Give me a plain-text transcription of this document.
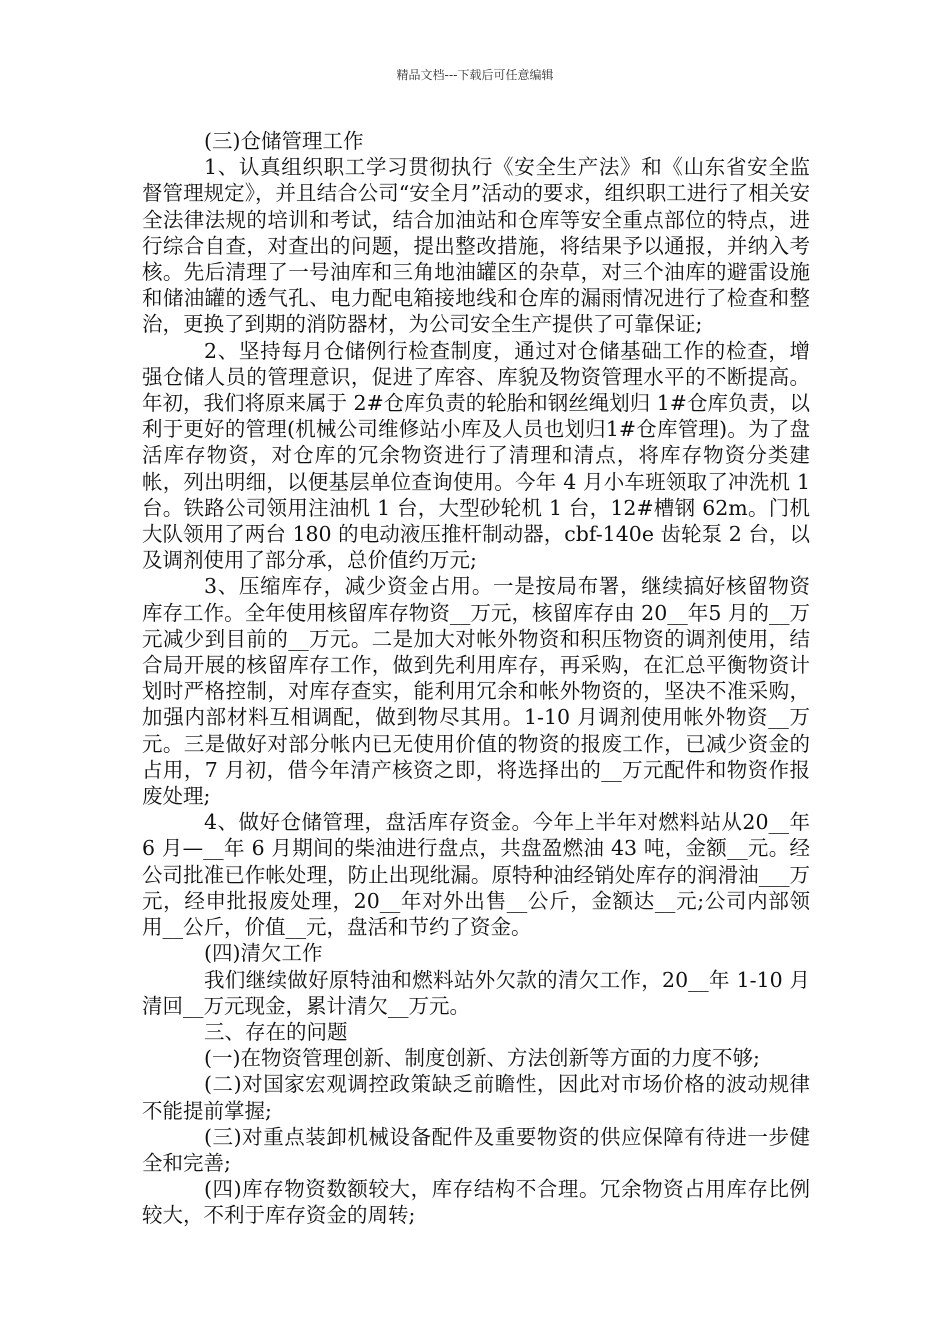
精品文档---下载后可任意编辑

(三)仓储管理工作

1、认真组织职工学习贯彻执行《安全生产法》和《山东省安全监督管理规定》，并且结合公司“安全月”活动的要求，组织职工进行了相关安全法律法规的培训和考试，结合加油站和仓库等安全重点部位的特点，进行综合自查，对查出的问题，提出整改措施，将结果予以通报，并纳入考核。先后清理了一号油库和三角地油罐区的杂草，对三个油库的避雷设施和储油罐的透气孔、电力配电箱接地线和仓库的漏雨情况进行了检查和整治，更换了到期的消防器材，为公司安全生产提供了可靠保证;

2、坚持每月仓储例行检查制度，通过对仓储基础工作的检查，增强仓储人员的管理意识，促进了库容、库貌及物资管理水平的不断提高。年初，我们将原来属于 2#仓库负责的轮胎和钢丝绳划归 1#仓库负责，以利于更好的管理(机械公司维修站小库及人员也划归1#仓库管理)。为了盘活库存物资，对仓库的冗余物资进行了清理和清点，将库存物资分类建帐，列出明细，以便基层单位查询使用。今年 4 月小车班领取了冲洗机 1 台。铁路公司领用注油机 1 台，大型砂轮机 1 台，12#槽钢 62m。门机大队领用了两台 180 的电动液压推杆制动器，cbf-140e 齿轮泵 2 台，以及调剂使用了部分承，总价值约万元;

3、压缩库存，减少资金占用。一是按局布署，继续搞好核留物资库存工作。全年使用核留库存物资__万元，核留库存由 20__年5 月的__万元减少到目前的__万元。二是加大对帐外物资和积压物资的调剂使用，结合局开展的核留库存工作，做到先利用库存，再采购，在汇总平衡物资计划时严格控制，对库存查实，能利用冗余和帐外物资的，坚决不准采购，加强内部材料互相调配，做到物尽其用。1-10 月调剂使用帐外物资__万元。三是做好对部分帐内已无使用价值的物资的报废工作，已减少资金的占用，7 月初，借今年清产核资之即，将选择出的__万元配件和物资作报废处理;

4、做好仓储管理，盘活库存资金。今年上半年对燃料站从20__年 6 月—__年 6 月期间的柴油进行盘点，共盘盈燃油 43 吨，金额__元。经公司批准已作帐处理，防止出现纰漏。原特种油经销处库存的润滑油___万元，经申批报废处理，20__年对外出售__公斤，金额达__元;公司内部领用__公斤，价值__元，盘活和节约了资金。

(四)清欠工作

我们继续做好原特油和燃料站外欠款的清欠工作，20__年 1-10 月清回__万元现金，累计清欠__万元。

三、存在的问题

(一)在物资管理创新、制度创新、方法创新等方面的力度不够;

(二)对国家宏观调控政策缺乏前瞻性，因此对市场价格的波动规律不能提前掌握;

(三)对重点装卸机械设备配件及重要物资的供应保障有待进一步健全和完善;

(四)库存物资数额较大，库存结构不合理。冗余物资占用库存比例较大，不利于库存资金的周转;
